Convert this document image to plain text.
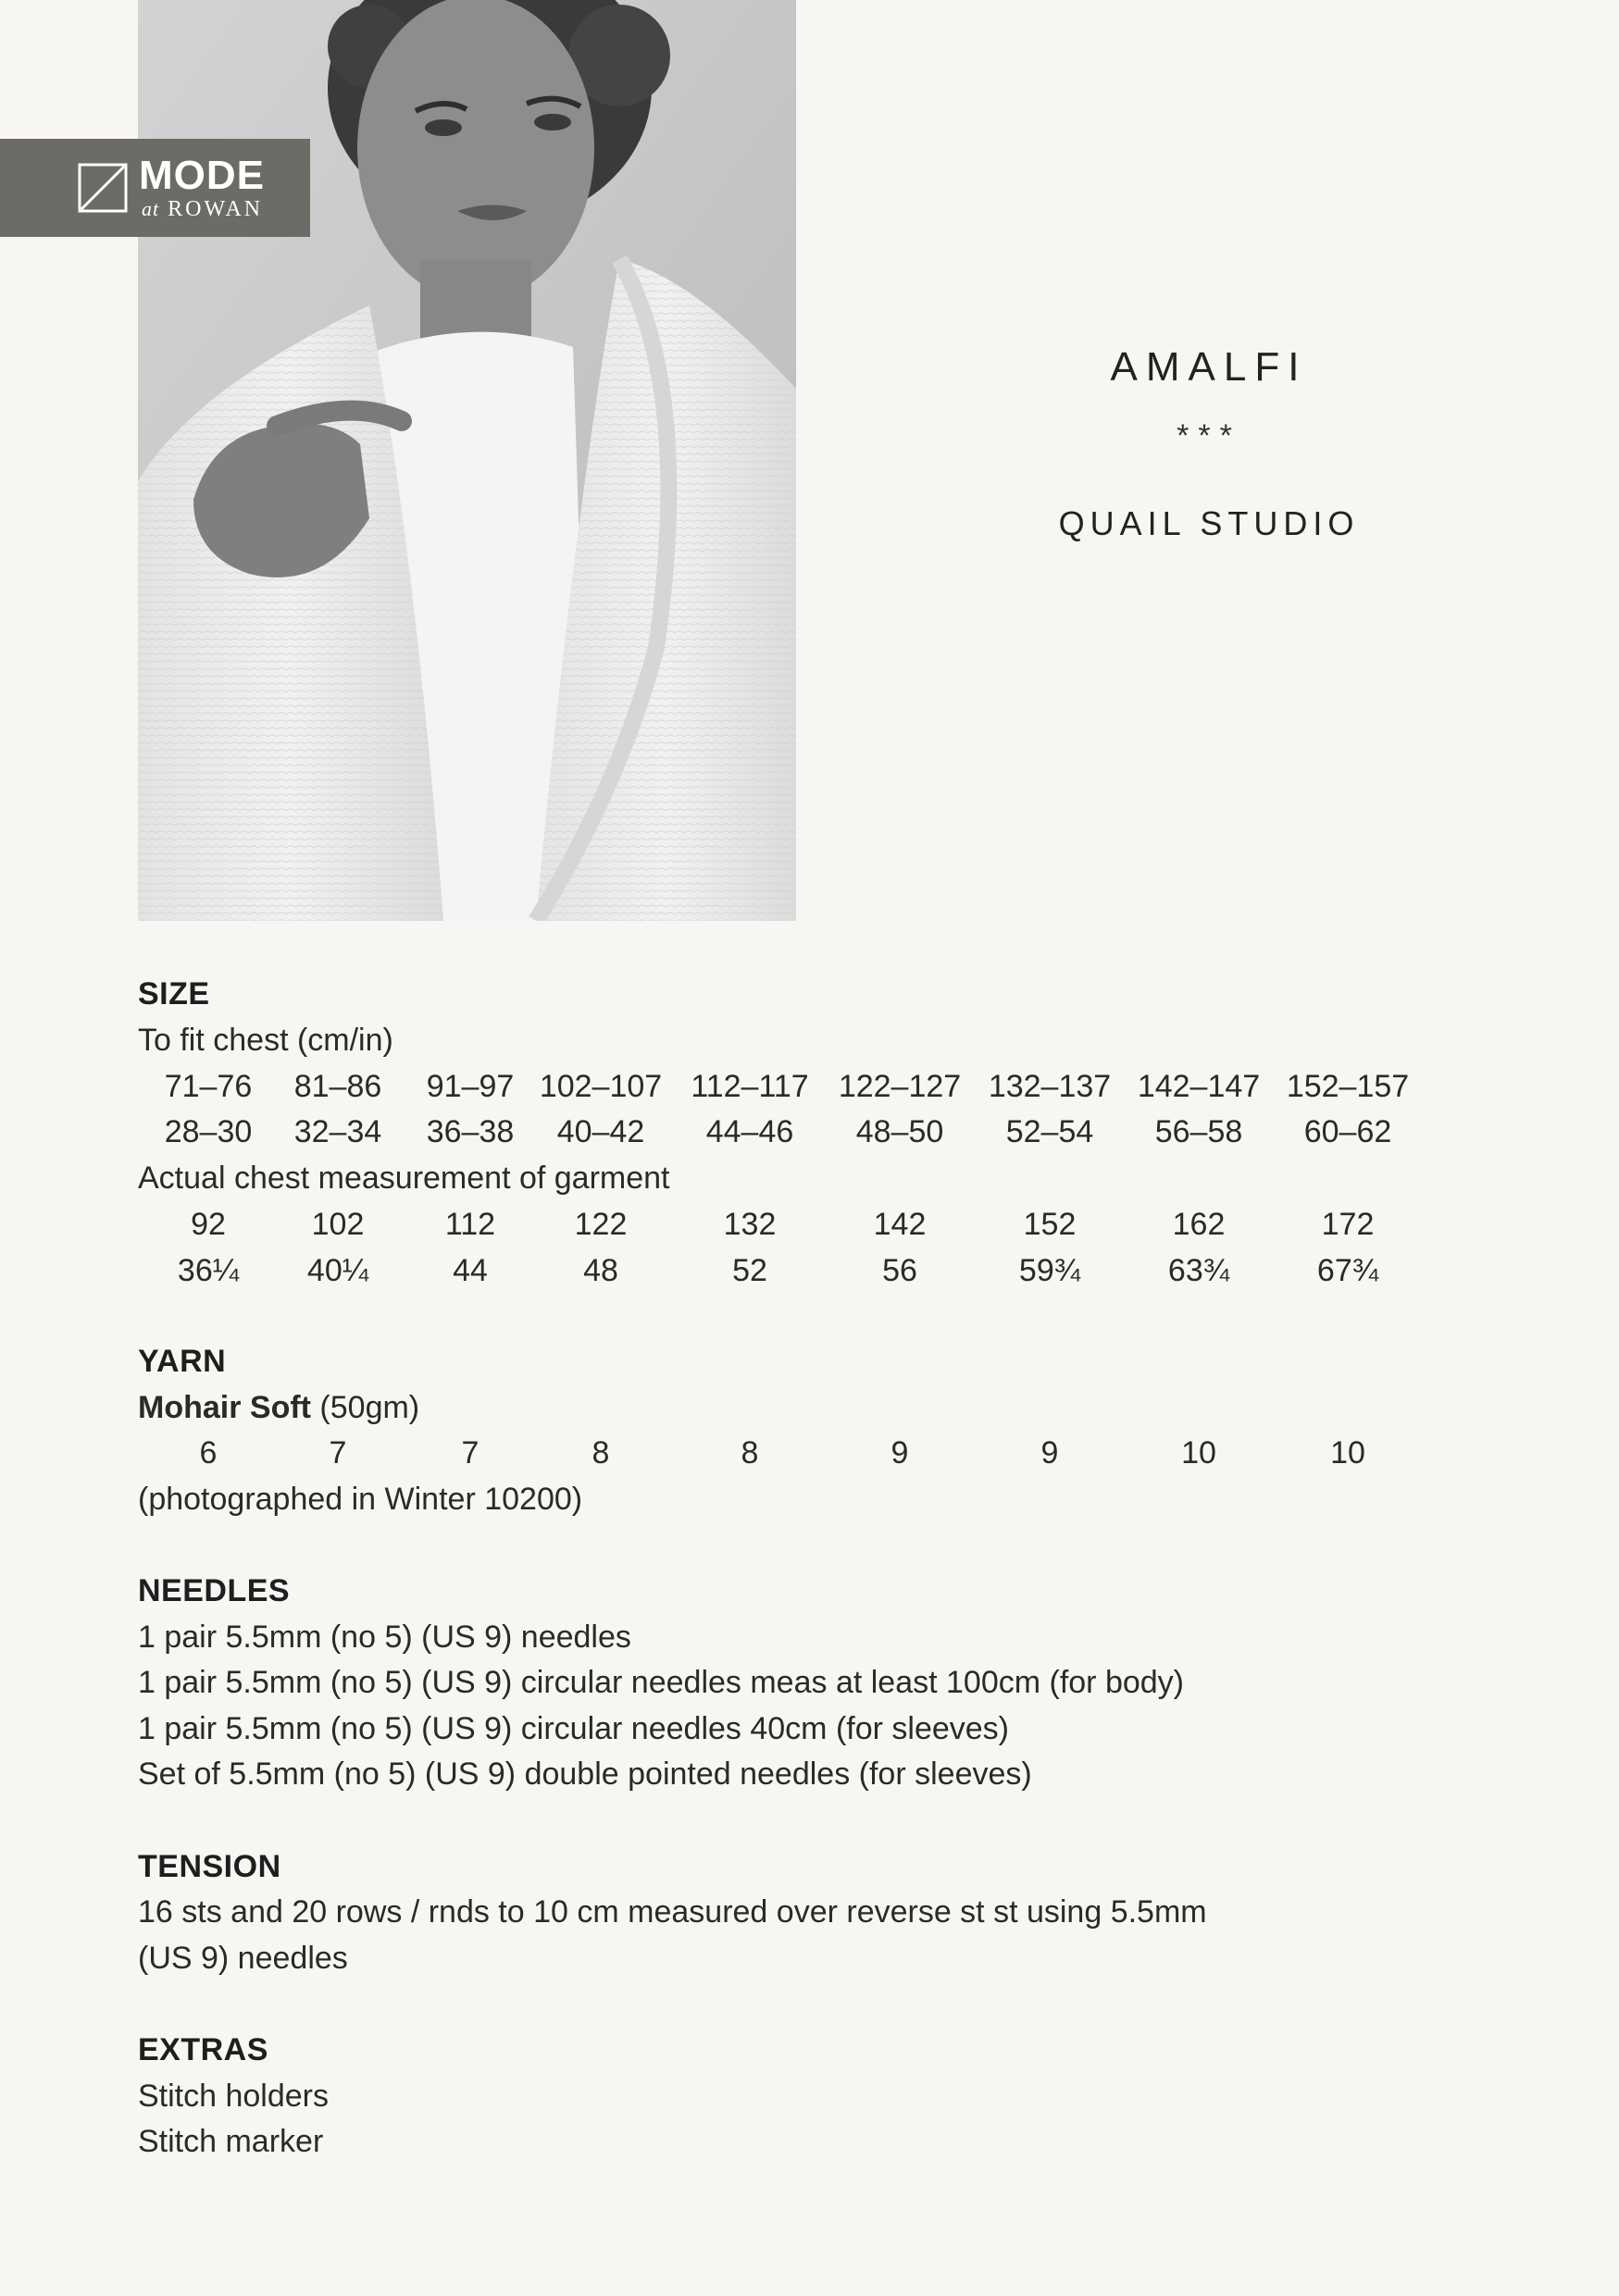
MODE
at ROWAN
AMALFI
***
QUAIL STUDIO
SIZE
To fit chest (cm/in)
71–76	81–86	91–97 102–107 112–117 122–127 132–137 142–147 152–157
28–30	32–34	36–38	40–42	44–46	48–50	52–54	56–58	60–62
Actual chest measurement of garment
92	102	112	122	132	142	152	162	172
36¼	40¼	44	48	52	56	59¾	63¾	67¾
YARN
Mohair Soft (50gm)
6	7	7	8	8	9	9	10	10
(photographed in Winter 10200)
NEEDLES
1 pair 5.5mm (no 5) (US 9) needles
1 pair 5.5mm (no 5) (US 9) circular needles meas at least 100cm (for body)
1 pair 5.5mm (no 5) (US 9) circular needles 40cm (for sleeves)
Set of 5.5mm (no 5) (US 9) double pointed needles (for sleeves)
TENSION
16 sts and 20 rows / rnds to 10 cm measured over reverse st st using 5.5mm
(US 9) needles
EXTRAS
Stitch holders
Stitch marker
